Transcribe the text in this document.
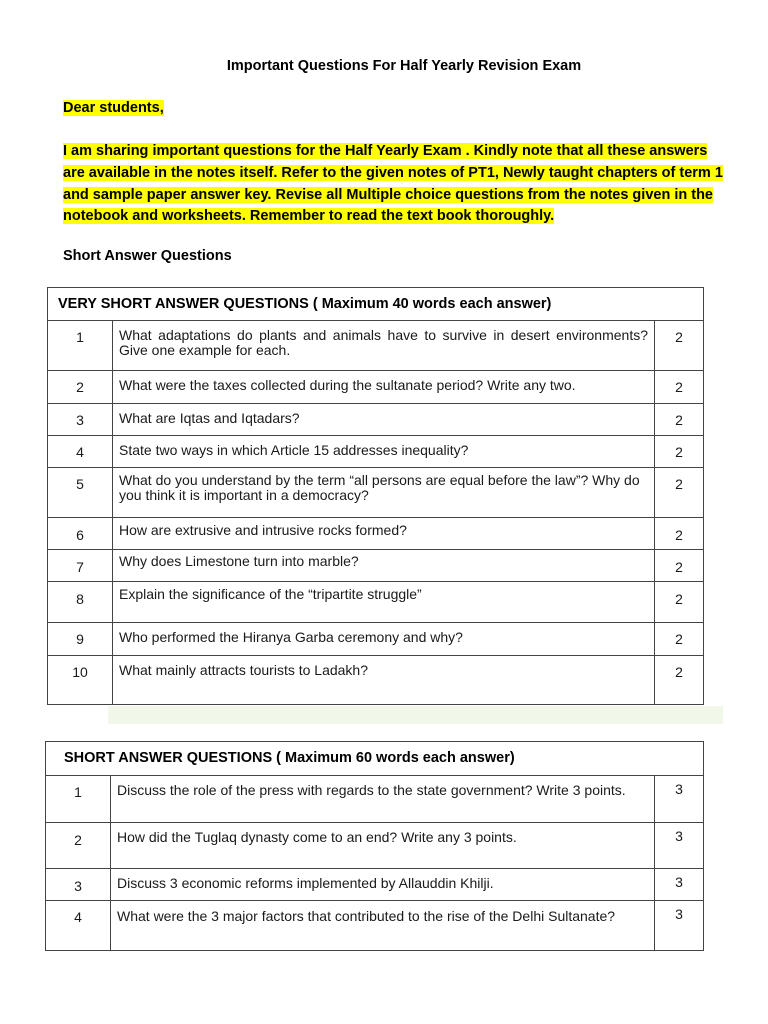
Important Questions For Half Yearly Revision Exam
Dear students,
I am sharing important questions for the Half Yearly Exam . Kindly note that all these answers are available in the notes itself. Refer to the given notes of PT1, Newly taught chapters of term 1 and sample paper answer key. Revise all Multiple choice questions from the notes given in the notebook and worksheets. Remember to read the text book thoroughly.
Short Answer Questions
VERY SHORT ANSWER QUESTIONS ( Maximum 40 words each answer)		
1	What adaptations do plants and animals have to survive in desert environments? Give one example for each.	2
2	What were the taxes collected during the sultanate period? Write any two.	2
3	What are Iqtas and Iqtadars?	2
4	State two ways in which Article 15 addresses inequality?	2
5	What do you understand by the term “all persons are equal before the law”? Why do you think it is important in a democracy?	2
6	How are extrusive and intrusive rocks formed?	2
7	Why does Limestone turn into marble?	2
8	Explain the significance of the “tripartite struggle”	2
9	Who performed the Hiranya Garba ceremony and why?	2
10	What mainly attracts tourists to Ladakh?	2
SHORT ANSWER QUESTIONS ( Maximum 60 words each answer)		
1	Discuss the role of the press with regards to the state government? Write 3 points.	3
2	How did the Tuglaq dynasty come to an end? Write any 3 points.	3
3	Discuss 3 economic reforms implemented by Allauddin Khilji.	3
4	What were the 3 major factors that contributed to the rise of the Delhi Sultanate?	3
